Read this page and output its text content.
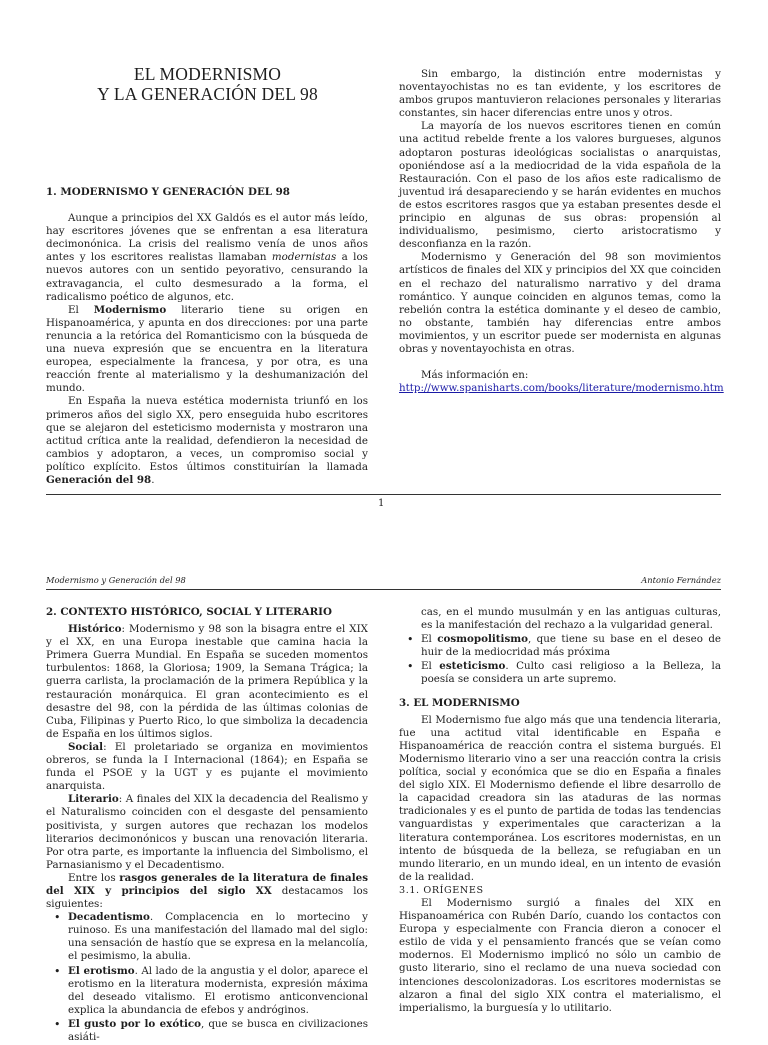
EL MODERNISMO
Y LA GENERACIÓN DEL 98
1. MODERNISMO Y GENERACIÓN DEL 98

Aunque a principios del XX Galdós es el autor más leído, hay escritores jóvenes que se enfrentan a esa literatura decimonónica. La crisis del realismo venía de unos años antes y los escritores realistas llamaban modernistas a los nuevos autores con un sentido peyorativo, censurando la extravagancia, el culto desmesurado a la forma, el radicalismo poético de algunos, etc.

El Modernismo literario tiene su origen en Hispanoamérica, y apunta en dos direcciones: por una parte renuncia a la retórica del Romanticismo con la búsqueda de una nueva expresión que se encuentra en la literatura europea, especialmente la francesa, y por otra, es una reacción frente al materialismo y la deshumanización del mundo.

En España la nueva estética modernista triunfó en los primeros años del siglo XX, pero enseguida hubo escritores que se alejaron del esteticismo modernista y mostraron una actitud crítica ante la realidad, defendieron la necesidad de cambios y adoptaron, a veces, un compromiso social y político explícito. Estos últimos constituirían la llamada Generación del 98.

Sin embargo, la distinción entre modernistas y noventayochistas no es tan evidente, y los escritores de ambos grupos mantuvieron relaciones personales y literarias constantes, sin hacer diferencias entre unos y otros.

La mayoría de los nuevos escritores tienen en común una actitud rebelde frente a los valores burgueses, algunos adoptaron posturas ideológicas socialistas o anarquistas, oponiéndose así a la mediocridad de la vida española de la Restauración. Con el paso de los años este radicalismo de juventud irá desapareciendo y se harán evidentes en muchos de estos escritores rasgos que ya estaban presentes desde el principio en algunas de sus obras: propensión al individualismo, pesimismo, cierto aristocratismo y desconfianza en la razón.

Modernismo y Generación del 98 son movimientos artísticos de finales del XIX y principios del XX que coinciden en el rechazo del naturalismo narrativo y del drama romántico. Y aunque coinciden en algunos temas, como la rebelión contra la estética dominante y el deseo de cambio, no obstante, también hay diferencias entre ambos movimientos, y un escritor puede ser modernista en algunas obras y noventayochista en otras.

Más información en:

http://www.spanisharts.com/books/literature/modernismo.htm

1
Modernismo y Generación del 98	Antonio Fernández
2. CONTEXTO HISTÓRICO, SOCIAL Y LITERARIO

Histórico: Modernismo y 98 son la bisagra entre el XIX y el XX, en una Europa inestable que camina hacia la Primera Guerra Mundial. En España se suceden momentos turbulentos: 1868, la Gloriosa; 1909, la Semana Trágica; la guerra carlista, la proclamación de la primera República y la restauración monárquica. El gran acontecimiento es el desastre del 98, con la pérdida de las últimas colonias de Cuba, Filipinas y Puerto Rico, lo que simboliza la decadencia de España en los últimos siglos.

Social: El proletariado se organiza en movimientos obreros, se funda la I Internacional (1864); en España se funda el PSOE y la UGT y es pujante el movimiento anarquista.

Literario: A finales del XIX la decadencia del Realismo y el Naturalismo coinciden con el desgaste del pensamiento positivista, y surgen autores que rechazan los modelos literarios decimonónicos y buscan una renovación literaria. Por otra parte, es importante la influencia del Simbolismo, el Parnasianismo y el Decadentismo.

Entre los rasgos generales de la literatura de finales del XIX y principios del siglo XX destacamos los siguientes:

• Decadentismo. Complacencia en lo mortecino y ruinoso. Es una manifestación del llamado mal del siglo: una sensación de hastío que se expresa en la melancolía, el pesimismo, la abulia.
• El erotismo. Al lado de la angustia y el dolor, aparece el erotismo en la literatura modernista, expresión máxima del deseado vitalismo. El erotismo anticonvencional explica la abundancia de efebos y andróginos.
• El gusto por lo exótico, que se busca en civilizaciones asiáti-
cas, en el mundo musulmán y en las antiguas culturas, es la manifestación del rechazo a la vulgaridad general.
• El cosmopolitismo, que tiene su base en el deseo de huir de la mediocridad más próxima
• El esteticismo. Culto casi religioso a la Belleza, la poesía se considera un arte supremo.
3. EL MODERNISMO

El Modernismo fue algo más que una tendencia literaria, fue una actitud vital identificable en España e Hispanoamérica de reacción contra el sistema burgués. El Modernismo literario vino a ser una reacción contra la crisis política, social y económica que se dio en España a finales del siglo XIX. El Modernismo defiende el libre desarrollo de la capacidad creadora sin las ataduras de las normas tradicionales y es el punto de partida de todas las tendencias vanguardistas y experimentales que caracterizan a la literatura contemporánea. Los escritores modernistas, en un intento de búsqueda de la belleza, se refugiaban en un mundo literario, en un mundo ideal, en un intento de evasión de la realidad.

3.1. ORÍGENES

El Modernismo surgió a finales del XIX en Hispanoamérica con Rubén Darío, cuando los contactos con Europa y especialmente con Francia dieron a conocer el estilo de vida y el pensamiento francés que se veían como modernos. El Modernismo implicó no sólo un cambio de gusto literario, sino el reclamo de una nueva sociedad con intenciones descolonizadoras. Los escritores modernistas se alzaron a final del siglo XIX contra el materialismo, el imperialismo, la burguesía y lo utilitario.
